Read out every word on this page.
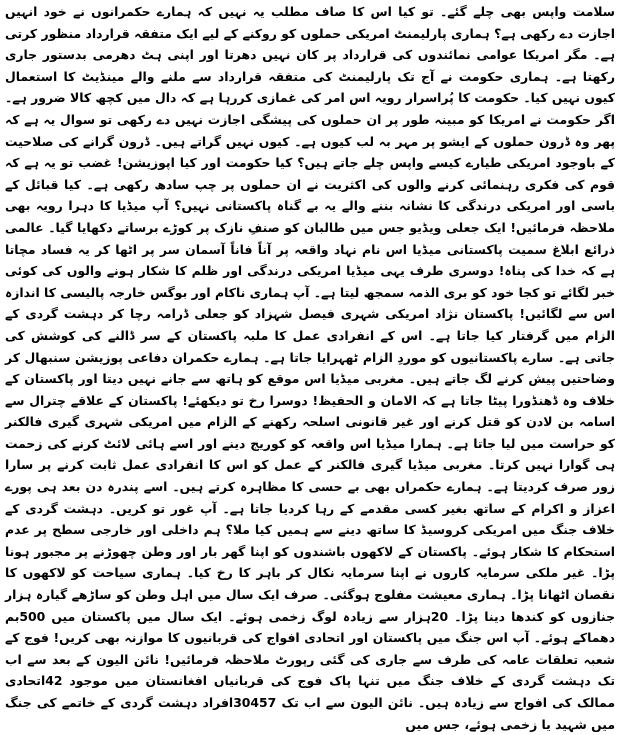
سلامت واپس بھی چلے گئے۔ تو کیا اس کا صاف مطلب یہ نہیں کہ ہمارے حکمرانوں نے خود انہیں اجازت دے رکھی ہے؟ ہماری پارلیمنٹ امریکی حملوں کو روکنے کے لیے ایک متفقہ قرارداد منظور کرتی ہے۔ مگر امریکا عوامی نمائندوں کی قرارداد پر کان نہیں دھرتا اور اپنی ہٹ دھرمی بدستور جاری رکھتا ہے۔ ہماری حکومت نے آج تک پارلیمنٹ کی متفقہ قرارداد سے ملنے والے مینڈیٹ کا استعمال کیوں نہیں کیا۔ حکومت کا پُراسرار رویہ اس امر کی غمازی کررہا ہے کہ دال میں کچھ کالا ضرور ہے۔ اگر حکومت نے امریکا کو مبینہ طور پر ان حملوں کی پیشگی اجازت نہیں دے رکھی تو سوال یہ ہے کہ پھر وہ ڈرون حملوں کے ایشو پر مہر بہ لب کیوں ہے۔ کیوں نہیں گراتے ہیں۔ ڈرون گرانے کی صلاحیت کے باوجود امریکی طیارے کیسے واپس چلے جاتے ہیں؟ کیا حکومت اور کیا اپوزیشن! غضب تو یہ ہے کہ قوم کی فکری رہنمائی کرنے والوں کی اکثریت نے ان حملوں پر چپ سادھ رکھی ہے۔ کیا قبائل کے باسی اور امریکی درندگی کا نشانہ بننے والے یہ بے گناہ پاکستانی نہیں؟ آپ میڈیا کا دہرا رویہ بھی ملاحظہ فرمائیں! ایک جعلی ویڈیو جس میں طالبان کو صنفِ نازک پر کوڑے برساتے دکھایا گیا۔ عالمی ذرائع ابلاغ سمیت پاکستانی میڈیا اس نام نہاد واقعہ پر آناً فاناً آسمان سر پر اٹھا کر یہ فساد مچاتا ہے کہ خدا کی پناہ! دوسری طرف یہی میڈیا امریکی درندگی اور ظلم کا شکار ہونے والوں کی کوئی خبر لگائے تو کجا خود کو بری الذمہ سمجھ لیتا ہے۔ آپ ہماری ناکام اور بوگس خارجہ پالیسی کا اندازہ اس سے لگائیں! پاکستان نژاد امریکی شہری فیصل شہزاد کو جعلی ڈرامہ رچا کر دہشت گردی کے الزام میں گرفتار کیا جاتا ہے۔ اس کے انفرادی عمل کا ملبہ پاکستان کے سر ڈالنے کی کوشش کی جاتی ہے۔ سارے پاکستانیوں کو موردِ الزام ٹھہرایا جاتا ہے۔ ہمارے حکمران دفاعی پوزیشن سنبھال کر وضاحتیں پیش کرنے لگ جاتے ہیں۔ مغربی میڈیا اس موقع کو ہاتھ سے جانے نہیں دیتا اور پاکستان کے خلاف وہ ڈھنڈورا پیٹا جاتا ہے کہ الامان و الحفیظ! دوسرا رخ تو دیکھئے! پاکستان کے علاقے چترال سے اسامہ بن لادن کو قتل کرنے اور غیر قانونی اسلحہ رکھنے کے الزام میں امریکی شہری گیری فالکنر کو حراست میں لیا جاتا ہے۔ ہمارا میڈیا اس واقعہ کو کوریج دینے اور اسے ہائی لائٹ کرنے کی زحمت ہی گوارا نہیں کرتا۔ مغربی میڈیا گیری فالکنر کے عمل کو اس کا انفرادی عمل ثابت کرنے پر سارا زور صرف کردیتا ہے۔ ہمارے حکمراں بھی بے حسی کا مظاہرہ کرتے ہیں۔ اسے پندرہ دن بعد ہی پورے اعزاز و اکرام کے ساتھ بغیر کسی مقدمے کے رہا کردیا جاتا ہے۔ آپ غور تو کریں۔ دہشت گردی کے خلاف جنگ میں امریکی کروسیڈ کا ساتھ دینے سے ہمیں کیا ملا؟ ہم داخلی اور خارجی سطح پر عدم استحکام کا شکار ہوئے۔ پاکستان کے لاکھوں باشندوں کو اپنا گھر بار اور وطن چھوڑنے پر مجبور ہونا پڑا۔ غیر ملکی سرمایہ کاروں نے اپنا سرمایہ نکال کر باہر کا رخ کیا۔ ہماری سیاحت کو لاکھوں کا نقصان اٹھانا پڑا۔ ہماری معیشت مفلوج ہوگئی۔ صرف ایک سال میں اہل وطن کو ساڑھے گیارہ ہزار جنازوں کو کندھا دینا پڑا۔ 20ہزار سے زیادہ لوگ زخمی ہوئے۔ ایک سال میں پاکستان میں 500بم دھماکے ہوئے۔ آپ اس جنگ میں پاکستان اور اتحادی افواج کی قربانیوں کا موازنہ بھی کریں! فوج کے شعبہ تعلقات عامہ کی طرف سے جاری کی گئی رپورٹ ملاحظہ فرمائیں! نائن الیون کے بعد سے اب تک دہشت گردی کے خلاف جنگ میں تنہا پاک فوج کی قربانیاں افغانستان میں موجود 42اتحادی ممالک کی افواج سے زیادہ ہیں۔ نائن الیون سے اب تک 30457افراد دہشت گردی کے خاتمے کی جنگ میں شہید یا زخمی ہوئے، جس میں
